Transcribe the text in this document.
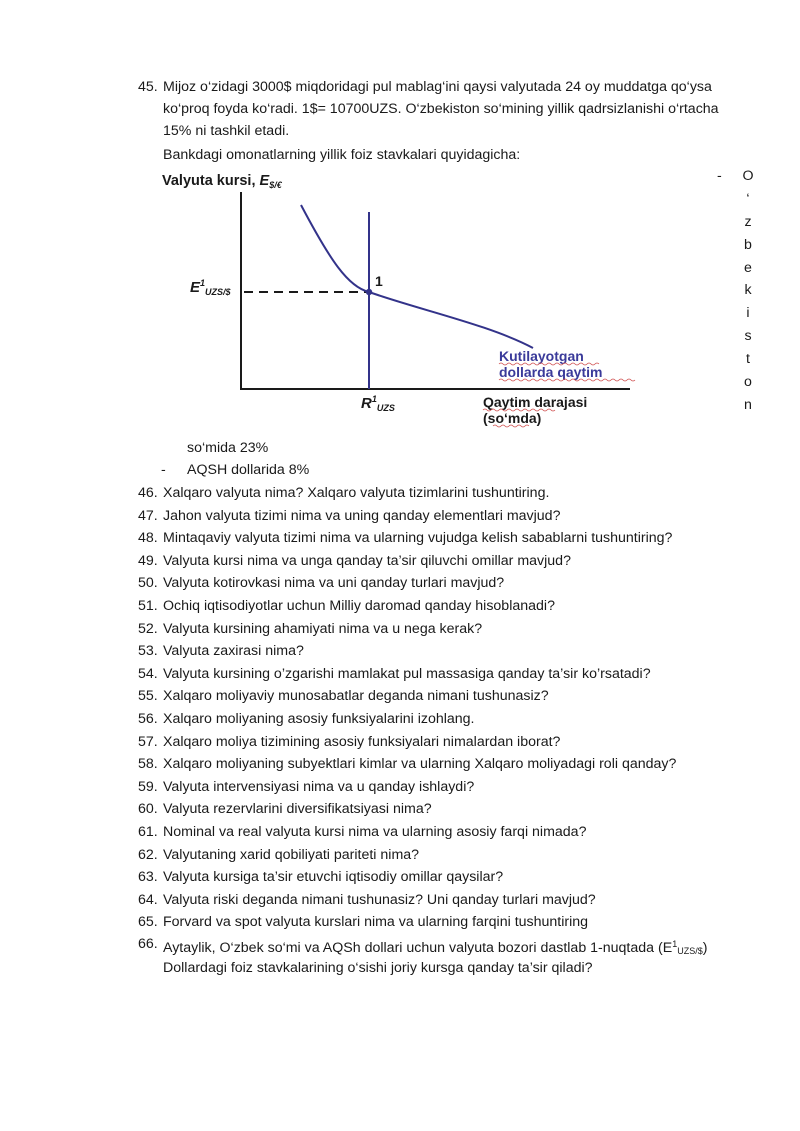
45. Mijoz o‘zidagi 3000$ miqdoridagi pul mablag‘ini qaysi valyutada 24 oy muddatga qo‘ysa
ko‘proq foyda ko‘radi. 1$= 10700UZS. O‘zbekiston so‘mining yillik qadrsizlanishi o‘rtacha
15% ni tashkil etadi.
Bankdagi omonatlarning yillik foiz stavkalari quyidagicha:
- O
‘
z
b
e
k
i
s
t
o
n
Valyuta kursi, $E_{\$/€}$
1
$E^1_{UZS/\$}$
$R^1_{UZS}$
Kutilayotgan
dollarda qaytim
Qaytim darajasi
(so‘mda)
so‘mida 23%
- AQSH dollarida 8%
46. Xalqaro valyuta nima? Xalqaro valyuta tizimlarini tushuntiring.
47. Jahon valyuta tizimi nima va uning qanday elementlari mavjud?
48. Mintaqaviy valyuta tizimi nima va ularning vujudga kelish sabablarni tushuntiring?
49. Valyuta kursi nima va unga qanday ta’sir qiluvchi omillar mavjud?
50. Valyuta kotirovkasi nima va uni qanday turlari mavjud?
51. Ochiq iqtisodiyotlar uchun Milliy daromad qanday hisoblanadi?
52. Valyuta kursining ahamiyati nima va u nega kerak?
53. Valyuta zaxirasi nima?
54. Valyuta kursining o’zgarishi mamlakat pul massasiga qanday ta’sir ko’rsatadi?
55. Xalqaro moliyaviy munosabatlar deganda nimani tushunasiz?
56. Xalqaro moliyaning asosiy funksiyalarini izohlang.
57. Xalqaro moliya tizimining asosiy funksiyalari nimalardan iborat?
58. Xalqaro moliyaning subyektlari kimlar va ularning Xalqaro moliyadagi roli qanday?
59. Valyuta intervensiyasi nima va u qanday ishlaydi?
60. Valyuta rezervlarini diversifikatsiyasi nima?
61. Nominal va real valyuta kursi nima va ularning asosiy farqi nimada?
62. Valyutaning xarid qobiliyati pariteti nima?
63. Valyuta kursiga ta’sir etuvchi iqtisodiy omillar qaysilar?
64. Valyuta riski deganda nimani tushunasiz? Uni qanday turlari mavjud?
65. Forvard va spot valyuta kurslari nima va ularning farqini tushuntiring
66. Aytaylik, O‘zbek so‘mi va AQSh dollari uchun valyuta bozori dastlab 1-nuqtada $(E^1_{UZS/\$})$
Dollardagi foiz stavkalarining o‘sishi joriy kursga qanday ta’sir qiladi?
